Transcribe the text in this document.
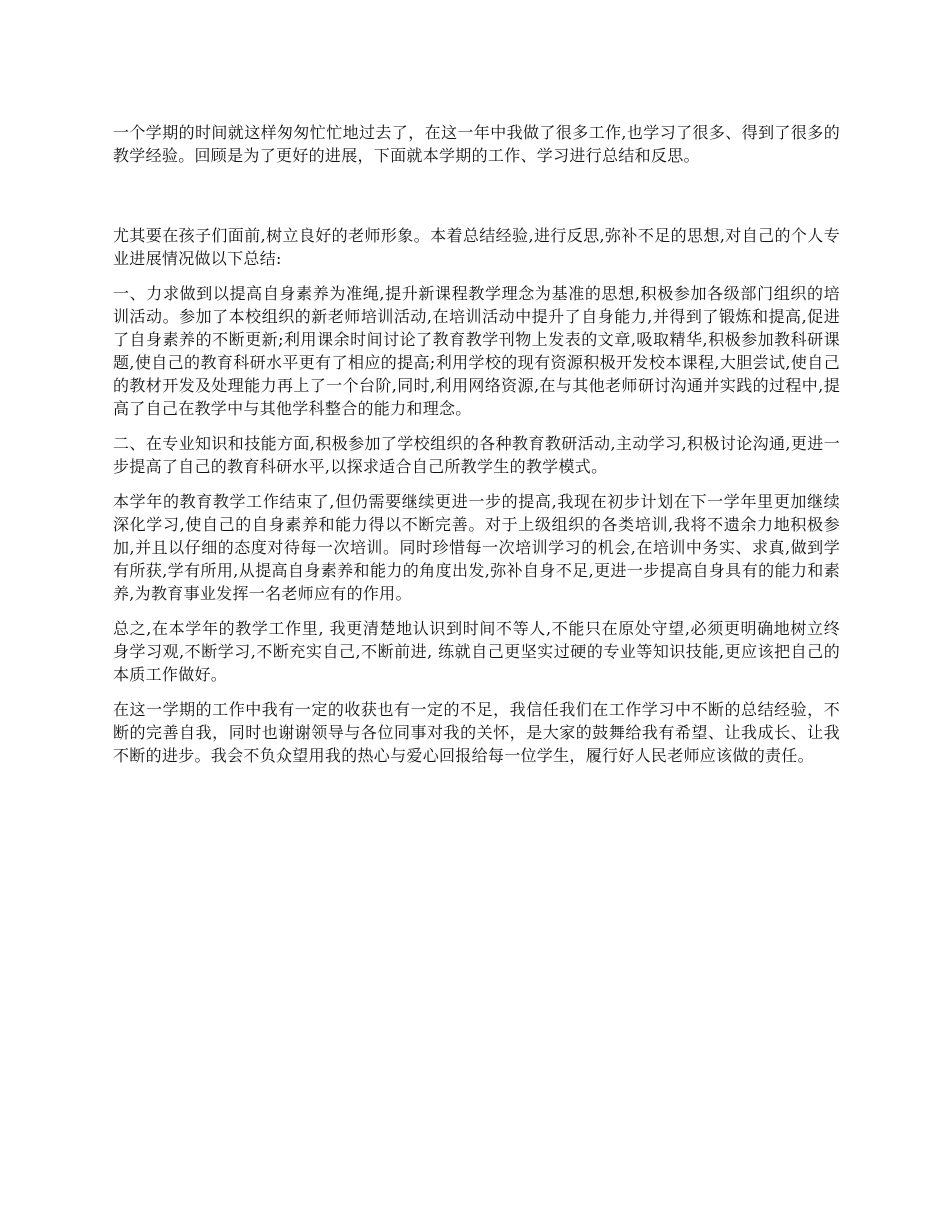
一个学期的时间就这样匆匆忙忙地过去了，在这一年中我做了很多工作,也学习了很多、得到了很多的教学经验。回顾是为了更好的进展，下面就本学期的工作、学习进行总结和反思。

尤其要在孩子们面前,树立良好的老师形象。本着总结经验,进行反思,弥补不足的思想,对自己的个人专业进展情况做以下总结:

一、力求做到以提高自身素养为准绳,提升新课程教学理念为基准的思想,积极参加各级部门组织的培训活动。参加了本校组织的新老师培训活动,在培训活动中提升了自身能力,并得到了锻炼和提高,促进了自身素养的不断更新;利用课余时间讨论了教育教学刊物上发表的文章,吸取精华,积极参加教科研课题,使自己的教育科研水平更有了相应的提高;利用学校的现有资源积极开发校本课程,大胆尝试,使自己的教材开发及处理能力再上了一个台阶,同时,利用网络资源,在与其他老师研讨沟通并实践的过程中,提高了自己在教学中与其他学科整合的能力和理念。

二、在专业知识和技能方面,积极参加了学校组织的各种教育教研活动,主动学习,积极讨论沟通,更进一步提高了自己的教育科研水平,以探求适合自己所教学生的教学模式。

本学年的教育教学工作结束了,但仍需要继续更进一步的提高,我现在初步计划在下一学年里更加继续深化学习,使自己的自身素养和能力得以不断完善。对于上级组织的各类培训,我将不遗余力地积极参加,并且以仔细的态度对待每一次培训。同时珍惜每一次培训学习的机会,在培训中务实、求真,做到学有所获,学有所用,从提高自身素养和能力的角度出发,弥补自身不足,更进一步提高自身具有的能力和素养,为教育事业发挥一名老师应有的作用。

总之,在本学年的教学工作里, 我更清楚地认识到时间不等人,不能只在原处守望,必须更明确地树立终身学习观,不断学习,不断充实自己,不断前进, 练就自己更坚实过硬的专业等知识技能,更应该把自己的本质工作做好。

在这一学期的工作中我有一定的收获也有一定的不足，我信任我们在工作学习中不断的总结经验，不断的完善自我，同时也谢谢领导与各位同事对我的关怀，是大家的鼓舞给我有希望、让我成长、让我不断的进步。我会不负众望用我的热心与爱心回报给每一位学生，履行好人民老师应该做的责任。
